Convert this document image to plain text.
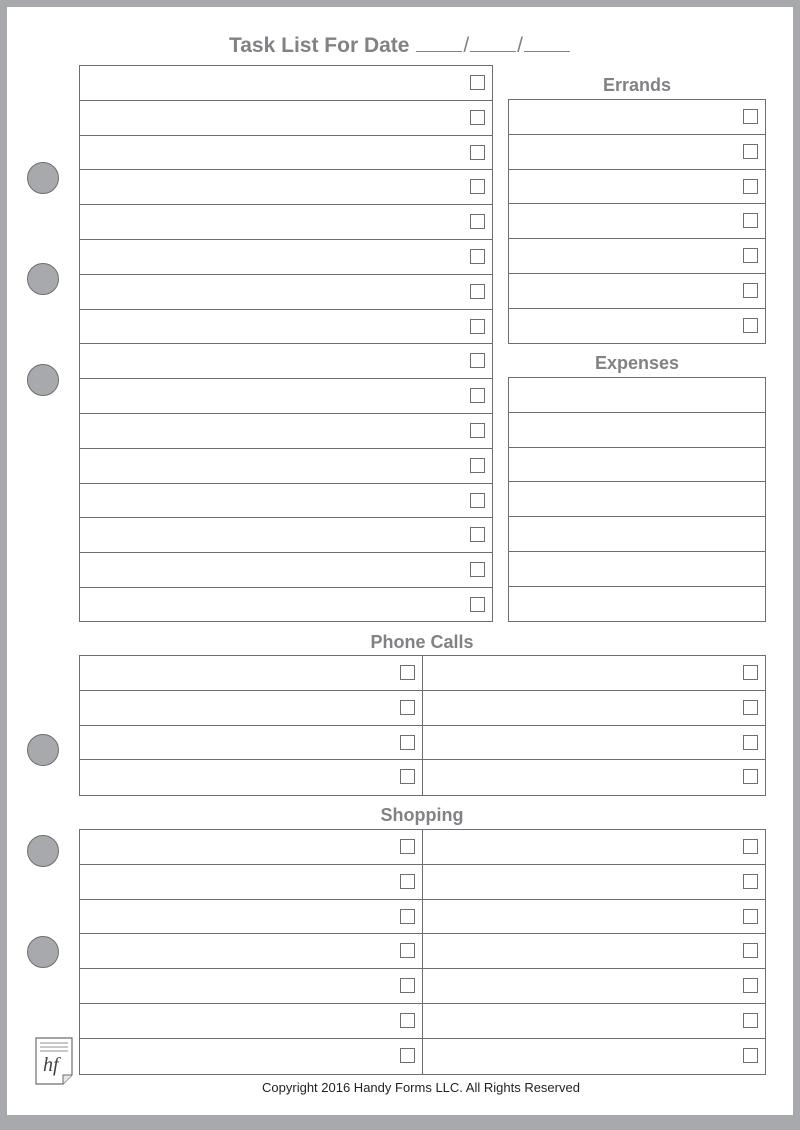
Task List For Date	/ /
Errands
Expenses
Phone Calls
Shopping
hf
Copyright 2016 Handy Forms LLC. All Rights Reserved
